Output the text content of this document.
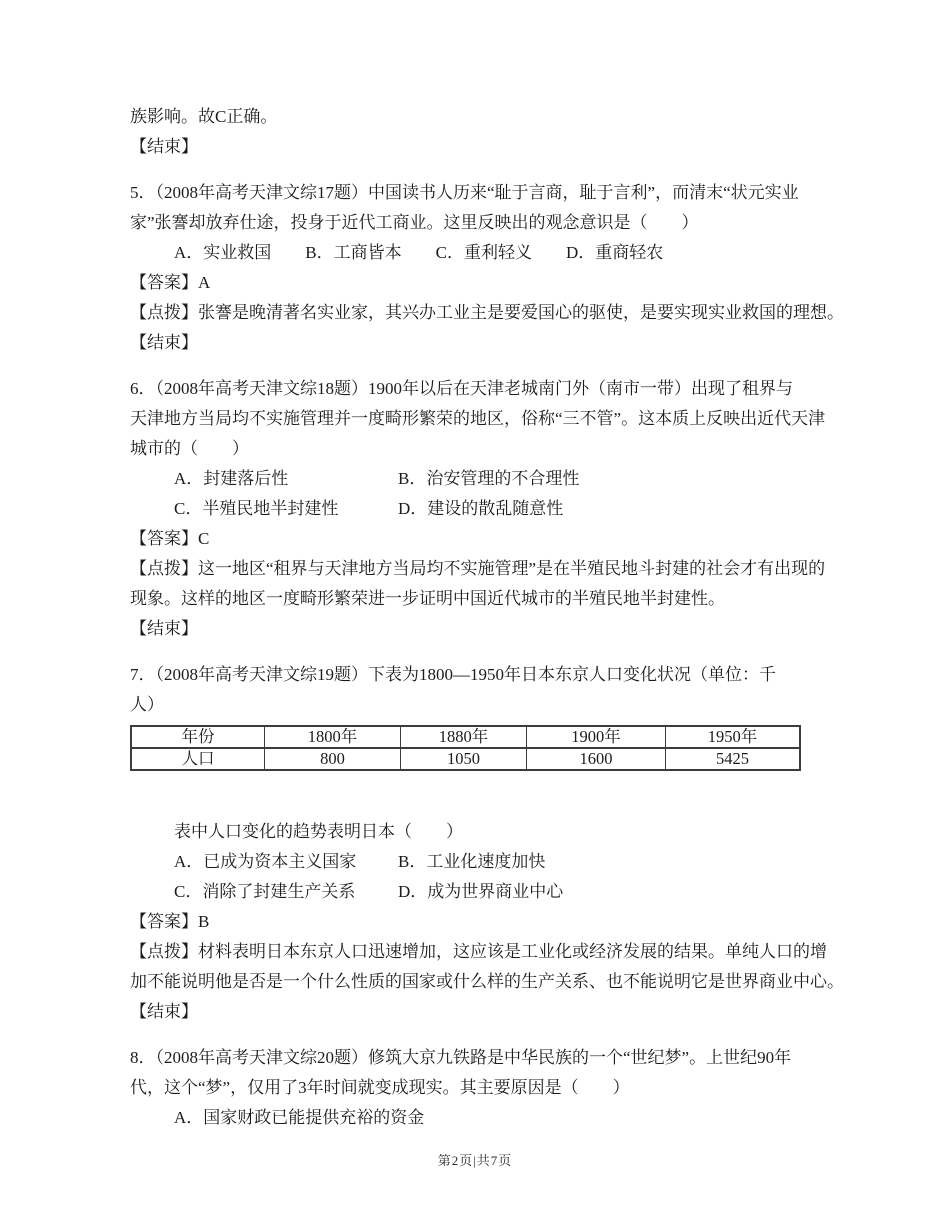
族影响。故C正确。
【结束】
5．（2008年高考天津文综17题）中国读书人历来“耻于言商，耻于言利”，而清末“状元实业
家”张謇却放弃仕途，投身于近代工商业。这里反映出的观念意识是（　　）
A．实业救国　　B．工商皆本　　C．重利轻义　　D．重商轻农
【答案】A
【点拨】张謇是晚清著名实业家，其兴办工业主是要爱国心的驱使，是要实现实业救国的理想。
【结束】
6．（2008年高考天津文综18题）1900年以后在天津老城南门外（南市一带）出现了租界与
天津地方当局均不实施管理并一度畸形繁荣的地区，俗称“三不管”。这本质上反映出近代天津
城市的（　　）
A．封建落后性	B．治安管理的不合理性
C．半殖民地半封建性	D．建设的散乱随意性
【答案】C
【点拨】这一地区“租界与天津地方当局均不实施管理”是在半殖民地斗封建的社会才有出现的
现象。这样的地区一度畸形繁荣进一步证明中国近代城市的半殖民地半封建性。
【结束】
7．（2008年高考天津文综19题）下表为1800—1950年日本东京人口变化状况（单位：千
人）
年份	1800年	1880年	1900年	1950年
人口	800	1050	1600	5425
表中人口变化的趋势表明日本（　　）
A．已成为资本主义国家 B．工业化速度加快
C．消除了封建生产关系	D．成为世界商业中心
【答案】B
【点拨】材料表明日本东京人口迅速增加，这应该是工业化或经济发展的结果。单纯人口的增
加不能说明他是否是一个什么性质的国家或什么样的生产关系、也不能说明它是世界商业中心。
【结束】
8．（2008年高考天津文综20题）修筑大京九铁路是中华民族的一个“世纪梦”。上世纪90年
代，这个“梦”，仅用了3年时间就变成现实。其主要原因是（　　）
A．国家财政已能提供充裕的资金
第2页|共7页
